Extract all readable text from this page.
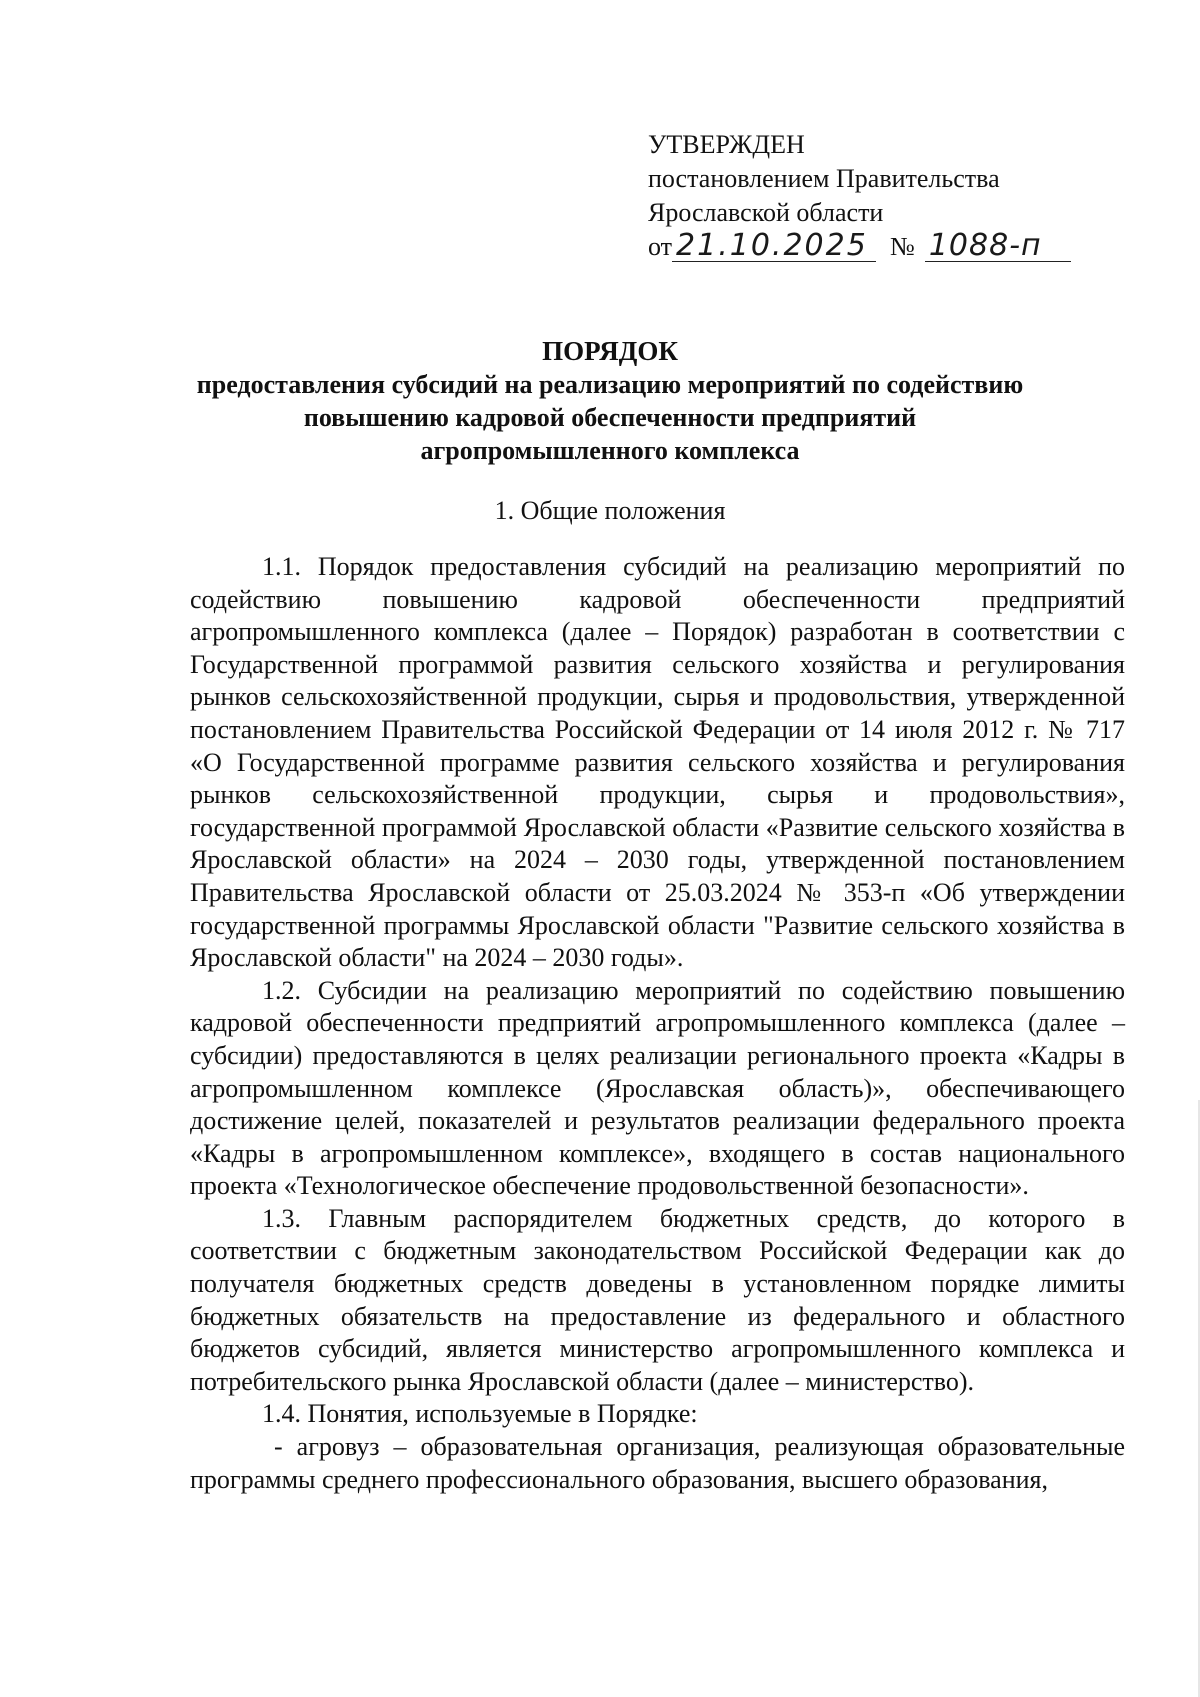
УТВЕРЖДЕН
постановлением Правительства
Ярославской области
от 21.10.2025 № 1088-п
ПОРЯДОК
предоставления субсидий на реализацию мероприятий по содействию
повышению кадровой обеспеченности предприятий
агропромышленного комплекса
1. Общие положения

1.1. Порядок предоставления субсидий на реализацию мероприятий по содействию повышению кадровой обеспеченности предприятий агропромышленного комплекса (далее – Порядок) разработан в соответствии с Государственной программой развития сельского хозяйства и регулирования рынков сельскохозяйственной продукции, сырья и продовольствия, утвержденной постановлением Правительства Российской Федерации от 14 июля 2012 г. № 717 «О Государственной программе развития сельского хозяйства и регулирования рынков сельскохозяйственной продукции, сырья и продовольствия», государственной программой Ярославской области «Развитие сельского хозяйства в Ярославской области» на 2024 – 2030 годы, утвержденной постановлением Правительства Ярославской области от 25.03.2024 № 353-п «Об утверждении государственной программы Ярославской области "Развитие сельского хозяйства в Ярославской области" на 2024 – 2030 годы».

1.2. Субсидии на реализацию мероприятий по содействию повышению кадровой обеспеченности предприятий агропромышленного комплекса (далее – субсидии) предоставляются в целях реализации регионального проекта «Кадры в агропромышленном комплексе (Ярославская область)», обеспечивающего достижение целей, показателей и результатов реализации федерального проекта «Кадры в агропромышленном комплексе», входящего в состав национального проекта «Технологическое обеспечение продовольственной безопасности».

1.3. Главным распорядителем бюджетных средств, до которого в соответствии с бюджетным законодательством Российской Федерации как до получателя бюджетных средств доведены в установленном порядке лимиты бюджетных обязательств на предоставление из федерального и областного бюджетов субсидий, является министерство агропромышленного комплекса и потребительского рынка Ярославской области (далее – министерство).

1.4. Понятия, используемые в Порядке:

- агровуз – образовательная организация, реализующая образовательные программы среднего профессионального образования, высшего образования,
